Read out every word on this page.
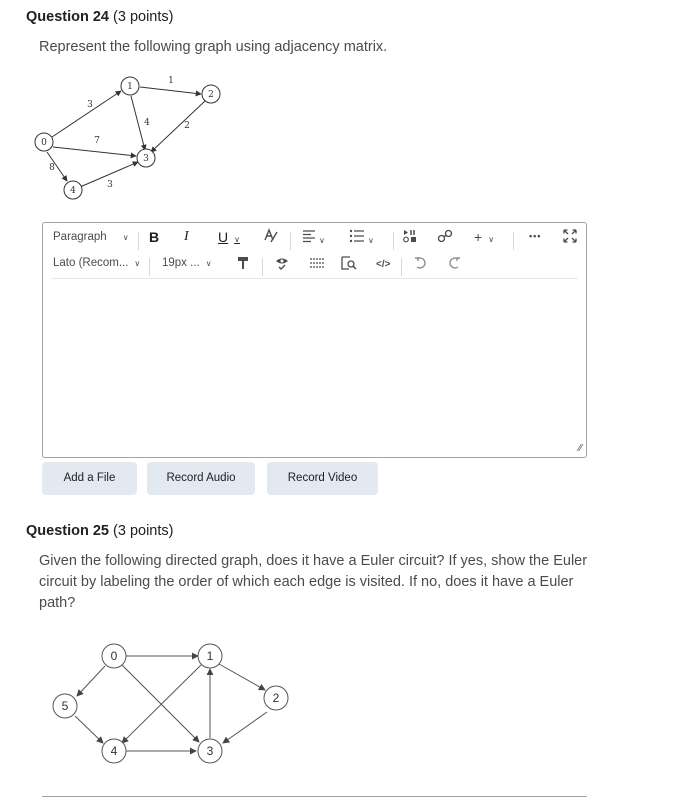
Question 24 (3 points)
Represent the following graph using adjacency matrix.
0
1
2
3
4
3
1
7
4	2
8
3
Paragraph ∨ B I U ∨	∨	∨	+ ∨	•••
Lato (Recom... ∨ 19px ... ∨	</>
∕∕
Add a File	Record Audio	Record Video
Question 25 (3 points)
Given the following directed graph, does it have a Euler circuit? If yes, show the Euler
circuit by labeling the order of which each edge is visited. If no, does it have a Euler
path?
0	1
2
3
4
5
